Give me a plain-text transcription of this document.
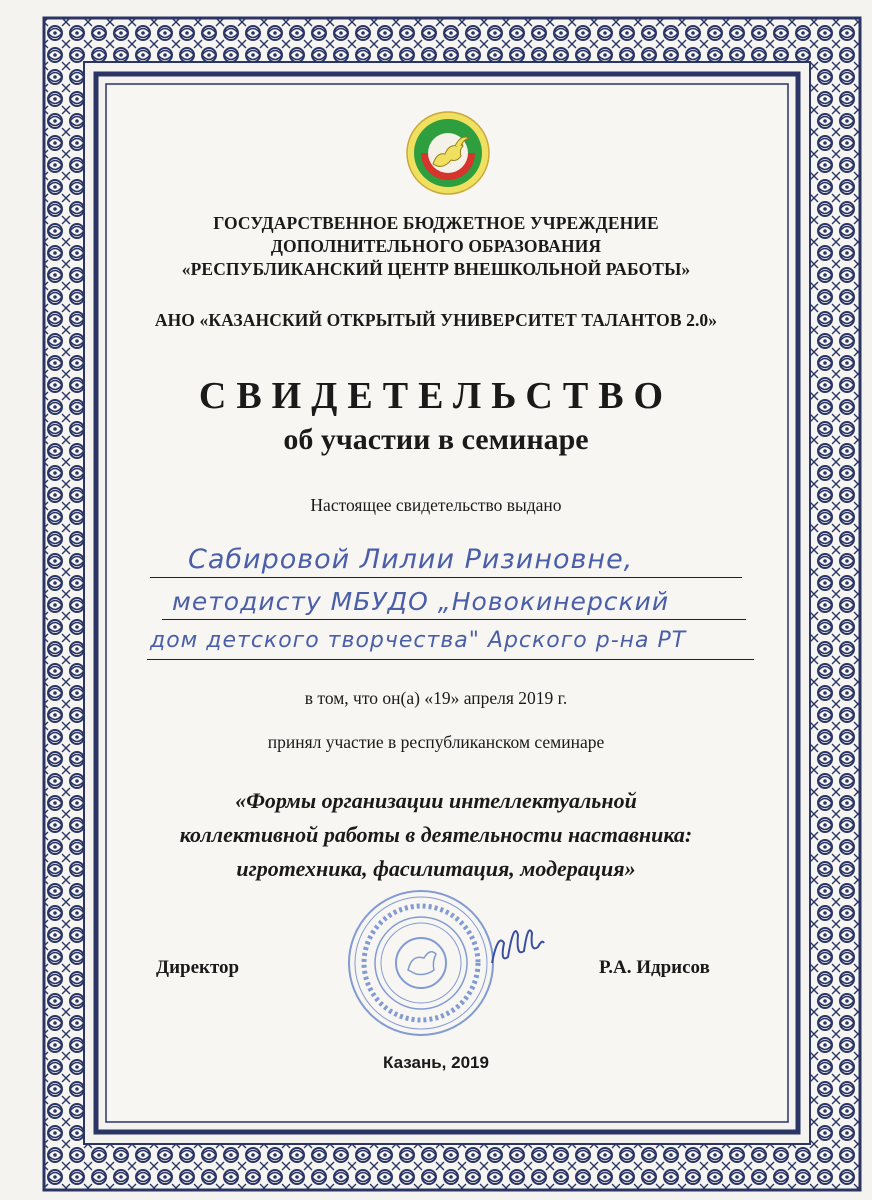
ГОСУДАРСТВЕННОЕ БЮДЖЕТНОЕ УЧРЕЖДЕНИЕ
ДОПОЛНИТЕЛЬНОГО ОБРАЗОВАНИЯ
«РЕСПУБЛИКАНСКИЙ ЦЕНТР ВНЕШКОЛЬНОЙ РАБОТЫ»
АНО «КАЗАНСКИЙ ОТКРЫТЫЙ УНИВЕРСИТЕТ ТАЛАНТОВ 2.0»
СВИДЕТЕЛЬСТВО
об участии в семинаре
Настоящее свидетельство выдано
Сабировой Лилии Ризиновне,
методисту МБУДО „Новокинерский
дом детского творчества" Арского р-на РТ
в том, что он(а) «19» апреля 2019 г.
принял участие в республиканском семинаре
«Формы организации интеллектуальной
коллективной работы в деятельности наставника:
игротехника, фасилитация, модерация»
Директор	Р.А. Идрисов
Казань, 2019
